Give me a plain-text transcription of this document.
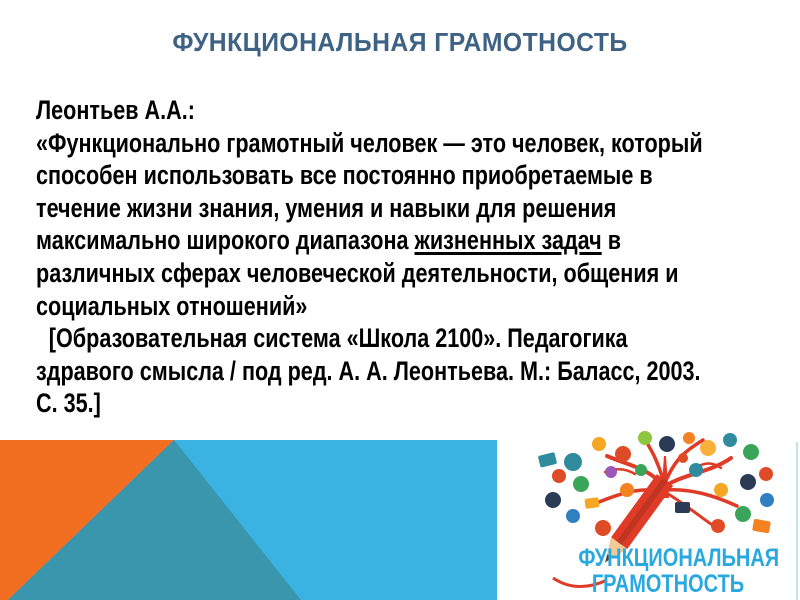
ФУНКЦИОНАЛЬНАЯ ГРАМОТНОСТЬ
Леонтьев А.А.:
«Функционально грамотный человек — это человек, который
способен использовать все постоянно приобретаемые в
течение жизни знания, умения и навыки для решения
максимально широкого диапазона жизненных задач в
различных сферах человеческой деятельности, общения и
социальных отношений»
[Образовательная система «Школа 2100». Педагогика
здравого смысла / под ред. А. А. Леонтьева. М.: Баласс, 2003.
С. 35.]
ФУНКЦИОНАЛЬНАЯ
ГРАМОТНОСТЬ
